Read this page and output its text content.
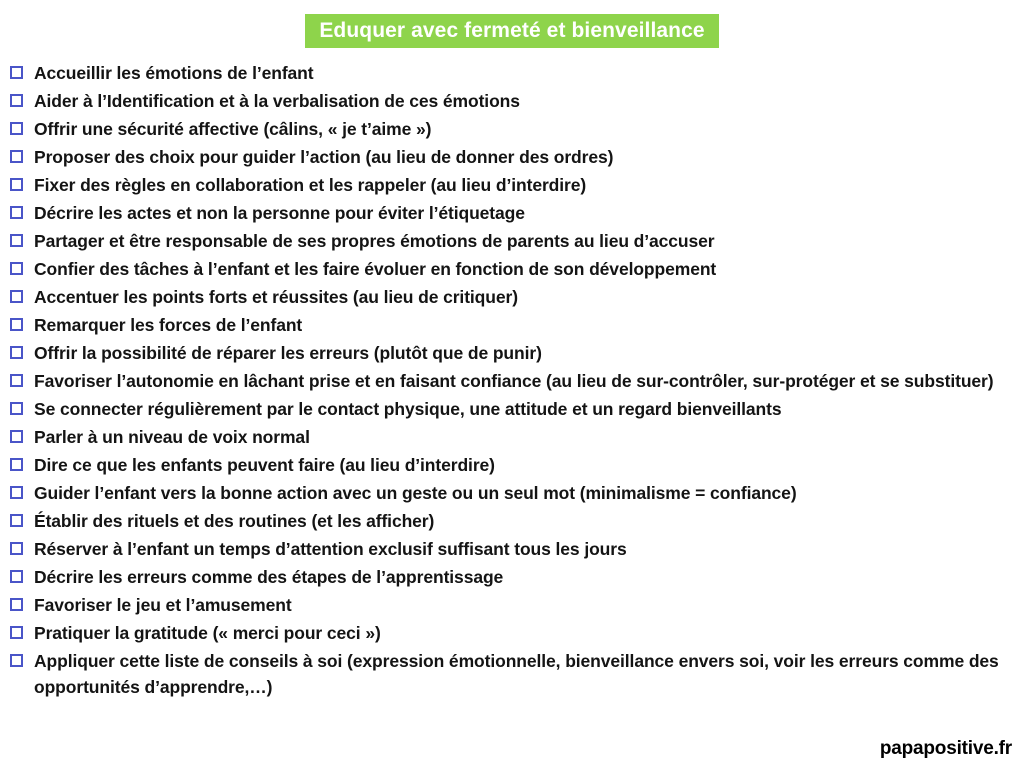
Eduquer avec fermeté et bienveillance
Accueillir les émotions de l’enfant
Aider à l’Identification et à la verbalisation de ces émotions
Offrir une sécurité affective (câlins, « je t’aime »)
Proposer des choix pour guider l’action (au lieu de donner des ordres)
Fixer des règles en collaboration et les rappeler (au lieu d’interdire)
Décrire les actes et non la personne pour éviter l’étiquetage
Partager et être responsable de ses propres émotions de parents au lieu d’accuser
Confier des tâches à l’enfant et les faire évoluer en fonction de son développement
Accentuer les points forts et réussites (au lieu de critiquer)
Remarquer les forces de l’enfant
Offrir la possibilité de réparer les erreurs (plutôt que de punir)
Favoriser l’autonomie en lâchant prise et en faisant confiance (au lieu de sur-contrôler, sur-protéger et se substituer)
Se connecter régulièrement par le contact physique, une attitude et un regard bienveillants
Parler à un niveau de voix normal
Dire ce que les enfants peuvent faire (au lieu d’interdire)
Guider l’enfant vers la bonne action avec un geste ou un seul mot (minimalisme = confiance)
Établir des rituels et des routines (et les afficher)
Réserver à l’enfant un temps d’attention exclusif suffisant tous les jours
Décrire les erreurs comme des étapes de l’apprentissage
Favoriser le jeu et l’amusement
Pratiquer la gratitude (« merci pour ceci »)
Appliquer cette liste de conseils à soi (expression émotionnelle, bienveillance envers soi, voir les erreurs comme des opportunités d’apprendre,…)
papapositive.fr
